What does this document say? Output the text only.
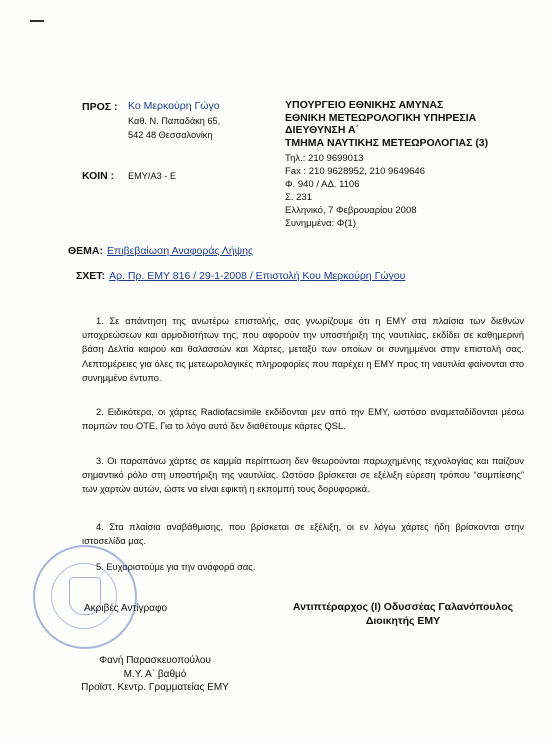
ΠΡΟΣ : Κο Μερκούρη Γώγο
Καθ. Ν. Παπαδάκη 65,
542 48 Θεσσαλονίκη
ΚΟΙΝ : ΕΜΥ/Α3 - Ε
ΥΠΟΥΡΓΕΙΟ ΕΘΝΙΚΗΣ ΑΜΥΝΑΣ
ΕΘΝΙΚΗ ΜΕΤΕΩΡΟΛΟΓΙΚΗ ΥΠΗΡΕΣΙΑ
ΔΙΕΥΘΥΝΣΗ Α΄
ΤΜΗΜΑ ΝΑΥΤΙΚΗΣ ΜΕΤΕΩΡΟΛΟΓΙΑΣ (3)
Τηλ.: 210 9699013
Fax : 210 9628952, 210 9649646
Φ. 940 / ΑΔ. 1106
Σ. 231
Ελληνικό, 7 Φεβρουαρίου 2008
Συνημμένα: Φ(1)
ΘΕΜΑ: Επιβεβαίωση Αναφοράς Λήψης
ΣΧΕΤ: Αρ. Πρ. ΕΜΥ 816 / 29-1-2008 / Επιστολή Κου Μερκούρη Γώγου

1. Σε απάντηση της ανωτέρω επιστολής, σας γνωρίζουμε ότι η ΕΜΥ στα πλαίσια των διεθνών υποχρεώσεων και αρμοδιοτήτων της, που αφορούν την υποστήριξη της ναυτιλίας, εκδίδει σε καθημερινή βάση Δελτία καιρού και θαλασσών και Χάρτες, μεταξύ των οποίων οι συνημμένοι στην επιστολή σας. Λεπτομέρειες για όλες τις μετεωρολογικές πληροφορίες που παρέχει η ΕΜΥ προς τη ναυτιλία φαίνονται στο συνημμένο έντυπο.

2. Ειδικότερα, οι χάρτες Radiofacsimile εκδίδονται μεν από την ΕΜΥ, ωστόσο αναμεταδίδονται μέσω πομπών του ΟΤΕ. Για το λόγο αυτό δεν διαθέτουμε κάρτες QSL.

3. Οι παραπάνω χάρτες σε καμμία περίπτωση δεν θεωρούνται παρωχημένης τεχνολογίας και παίζουν σημαντικό ρόλο στη υποστήριξη της ναυτιλίας. Ωστόσο βρίσκεται σε εξέλιξη εύρεση τρόπου “συμπίεσης” των χαρτών αυτών, ώστε να είναι εφικτή η εκπομπή τους δορυφορικά.

4. Στα πλαίσια αναβάθμισης, που βρίσκεται σε εξέλιξη, οι εν λόγω χάρτες ήδη βρίσκονται στην ιστοσελίδα μας.

5. Ευχαριστούμε για την αναφορά σας.

Ακριβές Αντίγραφο	Αντιπτέραρχος (Ι) Οδυσσέας Γαλανόπουλος
Διοικητής ΕΜΥ
Φανή Παρασκευοπούλου
Μ.Υ. Α΄ βαθμό
Προϊστ. Κεντρ. Γραμματείας ΕΜΥ
